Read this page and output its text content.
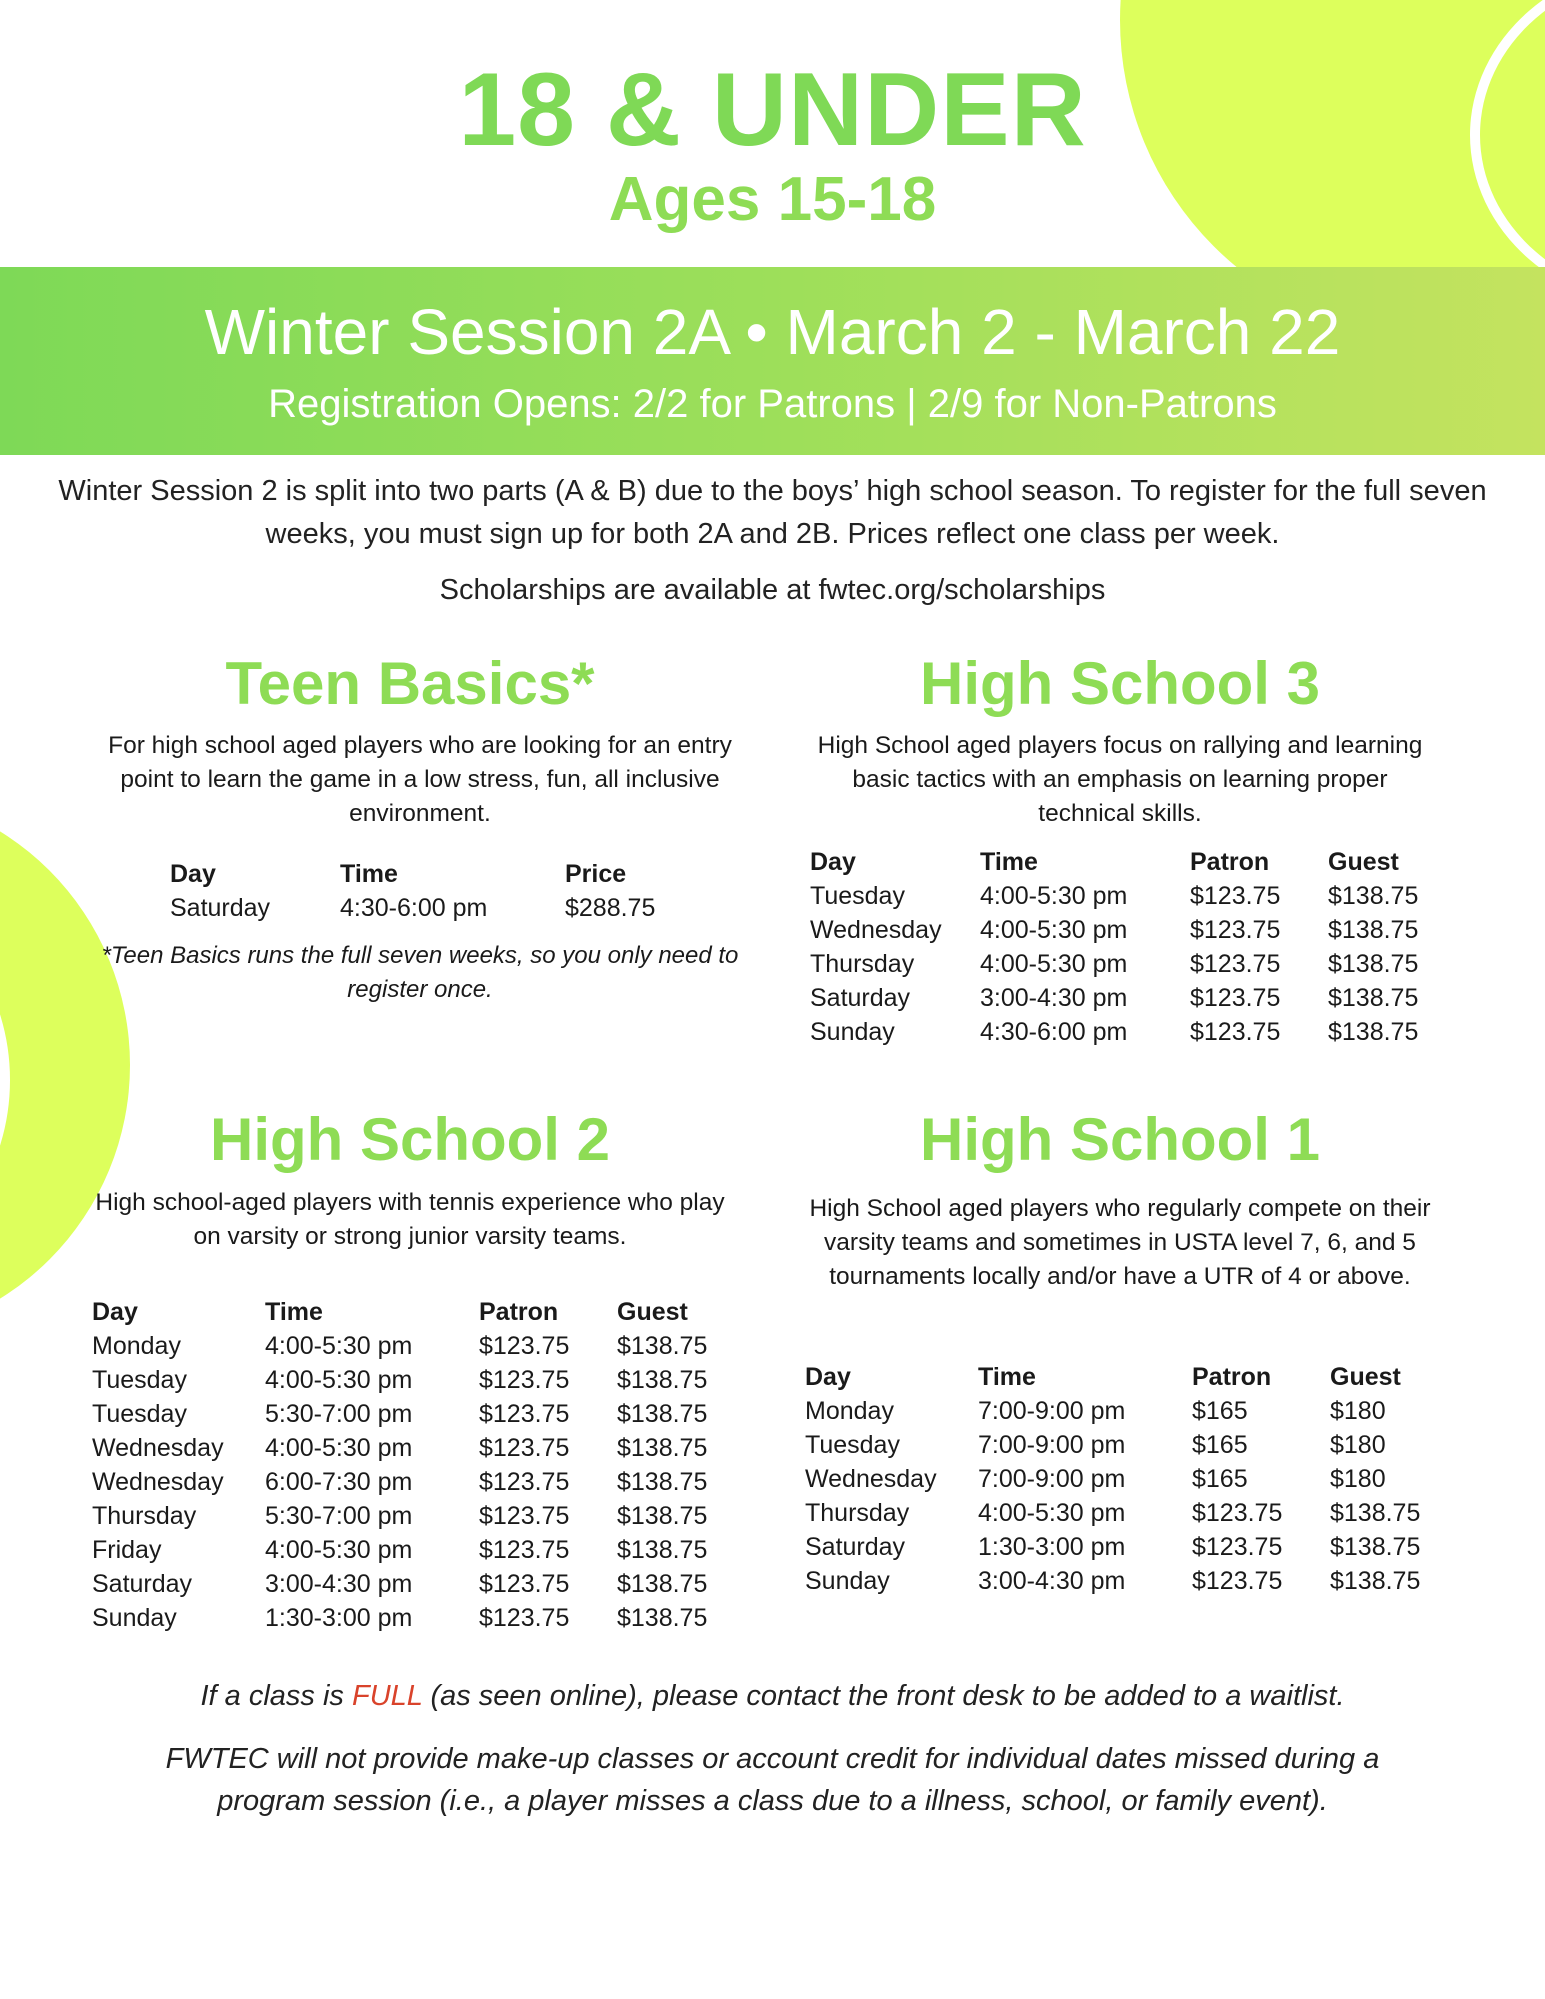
18 & UNDER
Ages 15-18
Winter Session 2A • March 2 - March 22
Registration Opens: 2/2 for Patrons | 2/9 for Non-Patrons
Winter Session 2 is split into two parts (A & B) due to the boys’ high school season. To register for the full seven weeks, you must sign up for both 2A and 2B. Prices reflect one class per week.
Scholarships are available at fwtec.org/scholarships
Teen Basics*
For high school aged players who are looking for an entry point to learn the game in a low stress, fun, all inclusive environment.
Day	Time	Price
Saturday	4:30-6:00 pm	$288.75
*Teen Basics runs the full seven weeks, so you only need to register once.
High School 3
High School aged players focus on rallying and learning basic tactics with an emphasis on learning proper technical skills.
Day	Time	Patron	Guest
Tuesday	4:00-5:30 pm	$123.75	$138.75
Wednesday	4:00-5:30 pm	$123.75	$138.75
Thursday	4:00-5:30 pm	$123.75	$138.75
Saturday	3:00-4:30 pm	$123.75	$138.75
Sunday	4:30-6:00 pm	$123.75	$138.75
High School 2
High school-aged players with tennis experience who play on varsity or strong junior varsity teams.
Day	Time	Patron	Guest
Monday	4:00-5:30 pm	$123.75	$138.75
Tuesday	4:00-5:30 pm	$123.75	$138.75
Tuesday	5:30-7:00 pm	$123.75	$138.75
Wednesday	4:00-5:30 pm	$123.75	$138.75
Wednesday	6:00-7:30 pm	$123.75	$138.75
Thursday	5:30-7:00 pm	$123.75	$138.75
Friday	4:00-5:30 pm	$123.75	$138.75
Saturday	3:00-4:30 pm	$123.75	$138.75
Sunday	1:30-3:00 pm	$123.75	$138.75
High School 1
High School aged players who regularly compete on their varsity teams and sometimes in USTA level 7, 6, and 5 tournaments locally and/or have a UTR of 4 or above.
Day	Time	Patron	Guest
Monday	7:00-9:00 pm	$165	$180
Tuesday	7:00-9:00 pm	$165	$180
Wednesday	7:00-9:00 pm	$165	$180
Thursday	4:00-5:30 pm	$123.75	$138.75
Saturday	1:30-3:00 pm	$123.75	$138.75
Sunday	3:00-4:30 pm	$123.75	$138.75
If a class is FULL (as seen online), please contact the front desk to be added to a waitlist.
FWTEC will not provide make-up classes or account credit for individual dates missed during a program session (i.e., a player misses a class due to a illness, school, or family event).
